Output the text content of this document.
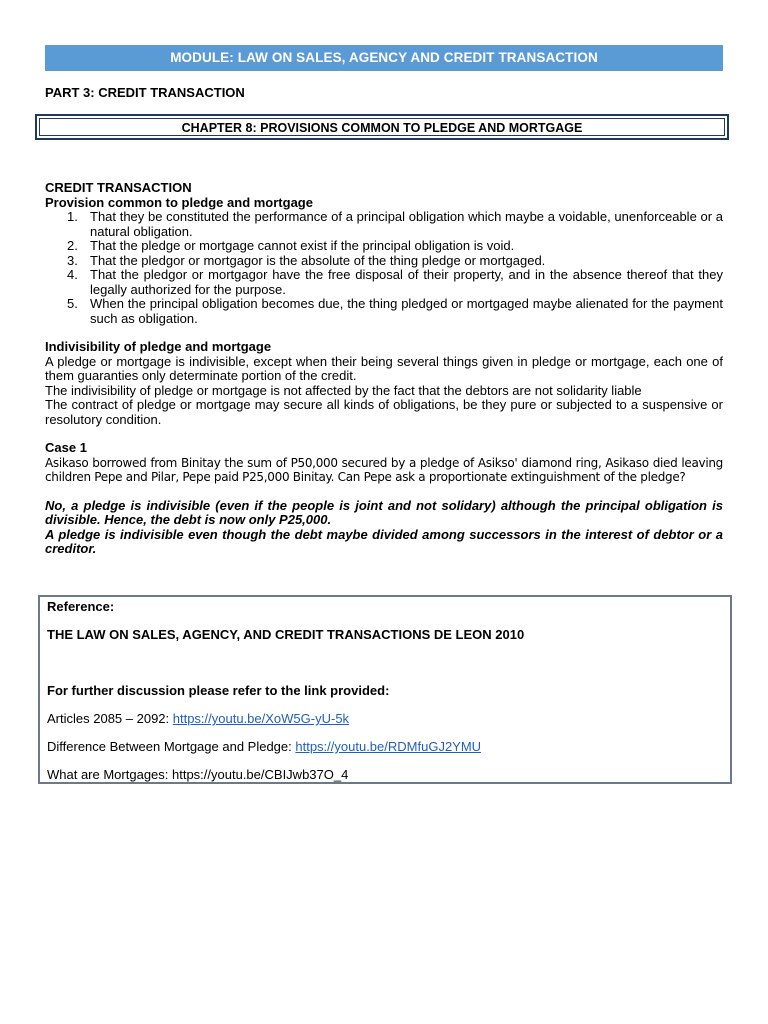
MODULE: LAW ON SALES, AGENCY AND CREDIT TRANSACTION
PART 3: CREDIT TRANSACTION
CHAPTER 8: PROVISIONS COMMON TO PLEDGE AND MORTGAGE
CREDIT TRANSACTION
Provision common to pledge and mortgage
1. That they be constituted the performance of a principal obligation which maybe a voidable, unenforceable or a natural obligation.
2. That the pledge or mortgage cannot exist if the principal obligation is void.
3. That the pledgor or mortgagor is the absolute of the thing pledge or mortgaged.
4. That the pledgor or mortgagor have the free disposal of their property, and in the absence thereof that they legally authorized for the purpose.
5. When the principal obligation becomes due, the thing pledged or mortgaged maybe alienated for the payment such as obligation.
Indivisibility of pledge and mortgage
A pledge or mortgage is indivisible, except when their being several things given in pledge or mortgage, each one of them guaranties only determinate portion of the credit.
The indivisibility of pledge or mortgage is not affected by the fact that the debtors are not solidarity liable
The contract of pledge or mortgage may secure all kinds of obligations, be they pure or subjected to a suspensive or resolutory condition.
Case 1
Asikaso borrowed from Binitay the sum of P50,000 secured by a pledge of Asikso' diamond ring, Asikaso died leaving children Pepe and Pilar, Pepe paid P25,000 Binitay. Can Pepe ask a proportionate extinguishment of the pledge?
No, a pledge is indivisible (even if the people is joint and not solidary) although the principal obligation is divisible. Hence, the debt is now only P25,000.
A pledge is indivisible even though the debt maybe divided among successors in the interest of debtor or a creditor.
Reference:
THE LAW ON SALES, AGENCY, AND CREDIT TRANSACTIONS DE LEON 2010
For further discussion please refer to the link provided:
Articles 2085 – 2092: https://youtu.be/XoW5G-yU-5k
Difference Between Mortgage and Pledge: https://youtu.be/RDMfuGJ2YMU
What are Mortgages: https://youtu.be/CBIJwb37O_4
